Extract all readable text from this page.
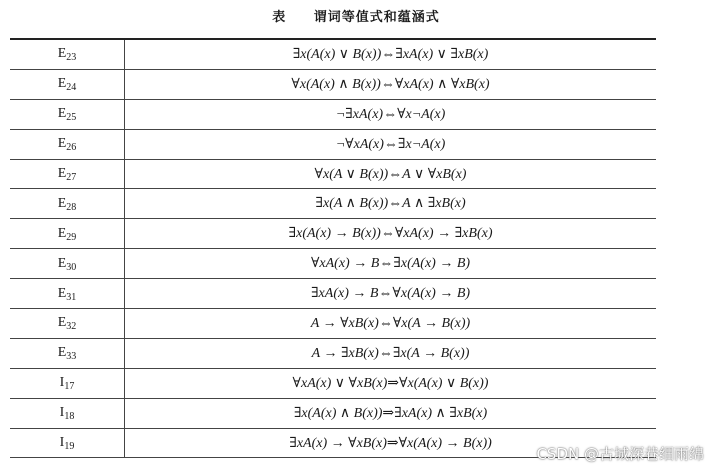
表 谓词等值式和蕴涵式
$E_{23}$	∃x(A(x) ∨ B(x))⇔∃xA(x) ∨ ∃xB(x)
$E_{24}$	∀x(A(x) ∧ B(x))⇔∀xA(x) ∧ ∀xB(x)
$E_{25}$	¬∃xA(x)⇔∀x¬A(x)
$E_{26}$	¬∀xA(x)⇔∃x¬A(x)
$E_{27}$	∀x(A ∨ B(x))⇔A ∨ ∀xB(x)
$E_{28}$	∃x(A ∧ B(x))⇔A ∧ ∃xB(x)
$E_{29}$	∃x(A(x) → B(x))⇔∀xA(x) → ∃xB(x)
$E_{30}$	∀xA(x) → B⇔∃x(A(x) → B)
$E_{31}$	∃xA(x) → B⇔∀x(A(x) → B)
$E_{32}$	A → ∀xB(x)⇔∀x(A → B(x))
$E_{33}$	A → ∃xB(x)⇔∃x(A → B(x))
$I_{17}$	∀xA(x) ∨ ∀xB(x)⇒∀x(A(x) ∨ B(x))
$I_{18}$	∃x(A(x) ∧ B(x))⇒∃xA(x) ∧ ∃xB(x)
$I_{19}$	∃xA(x) → ∀xB(x)⇒∀x(A(x) → B(x))
CSDN @古城深巷细雨绵
